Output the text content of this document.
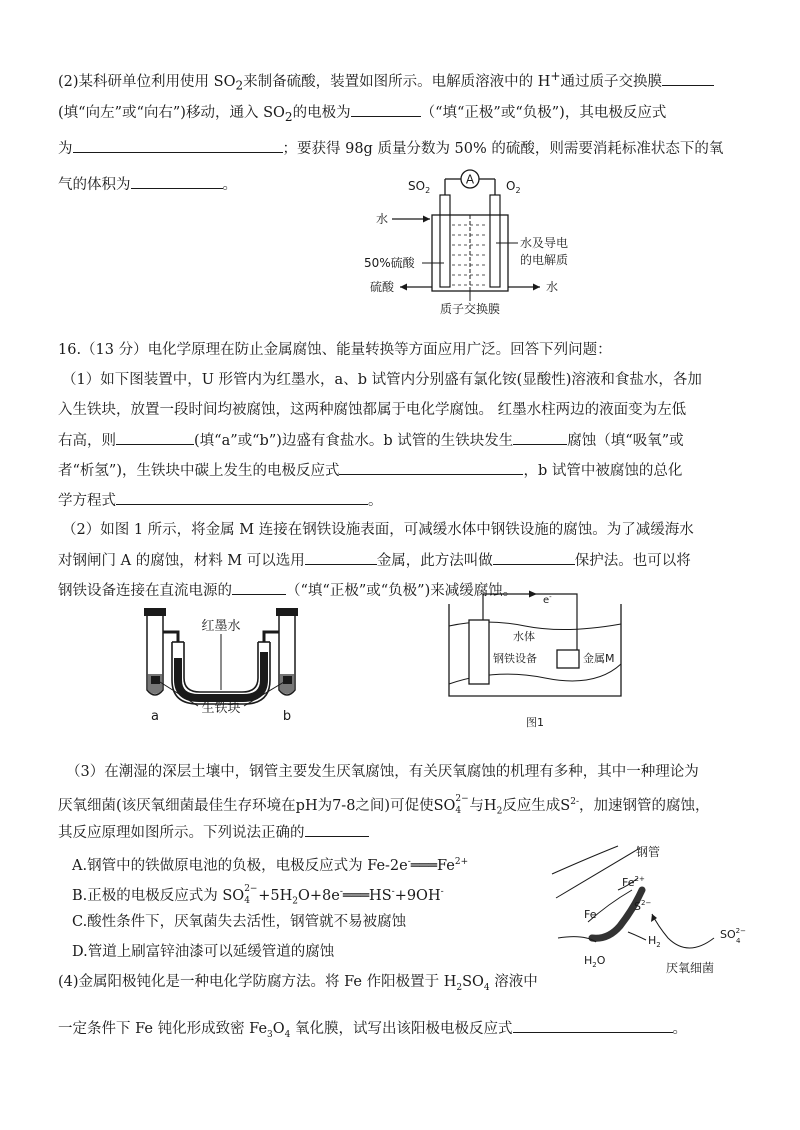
(2)某科研单位利用使用 $SO_2$来制备硫酸，装置如图所示。电解质溶液中的 H+通过质子交换膜
(填“向左”或“向右”)移动，通入 $SO_2$的电极为	（“填“正极”或“负极”)，其电极反应式
为	；要获得 98g 质量分数为 50% 的硫酸，则需要消耗标准状态下的氧
气的体积为	。	A
$SO_2$	$O_2$
水
50%硫酸
硫酸
水及导电
的电解质
水
质子交换膜
16.（13 分）电化学原理在防止金属腐蚀、能量转换等方面应用广泛。回答下列问题：
（1）如下图装置中，U 形管内为红墨水，a、b 试管内分别盛有氯化铵(显酸性)溶液和食盐水，各加
入生铁块，放置一段时间均被腐蚀，这两种腐蚀都属于电化学腐蚀。 红墨水柱两边的液面变为左低
右高，则	(填“a”或“b”)边盛有食盐水。b 试管的生铁块发生	腐蚀（填“吸氧”或
者“析氢”)，生铁块中碳上发生的电极反应式	，b 试管中被腐蚀的总化
学方程式	。
（2）如图 1 所示，将金属 M 连接在钢铁设施表面，可减缓水体中钢铁设施的腐蚀。为了减缓海水
对钢闸门 A 的腐蚀，材料 M 可以选用	金属，此方法叫做	保护法。也可以将
钢铁设备连接在直流电源的	（“填“正极”或“负极”)来减缓腐蚀。
红墨水
生铁块
a	b
e-
水体
钢铁设备	金属M
图1
（3）在潮湿的深层土壤中，钢管主要发生厌氧腐蚀，有关厌氧腐蚀的机理有多种，其中一种理论为
厌氧细菌(该厌氧细菌最佳生存环境在pH为7-8之间)可促使SO 2−
4 与$H_2$反应生成$S^{2-}$，加速钢管的腐蚀，
其反应原理如图所示。下列说法正确的
A.钢管中的铁做原电池的负极，电极反应式为 $Fe-2e^-═══Fe^{2+}$
B.正极的电极反应式为 SO 2−
$4 +5H_2O+8e^-═══HS^-+9OH^-$
C.酸性条件下，厌氧菌失去活性，钢管就不易被腐蚀
D.管道上刷富锌油漆可以延缓管道的腐蚀
钢管
$Fe^{2+}$
Fe
$S^{2-}$
$H_2$
$H_2O$
$SO^{2-}$ 4
厌氧细菌
(4)金属阳极钝化是一种电化学防腐方法。将 Fe 作阳极置于 $H_2SO_4$ 溶液中
一定条件下 Fe 钝化形成致密 $Fe_3O_4$ 氧化膜，试写出该阳极电极反应式	。
